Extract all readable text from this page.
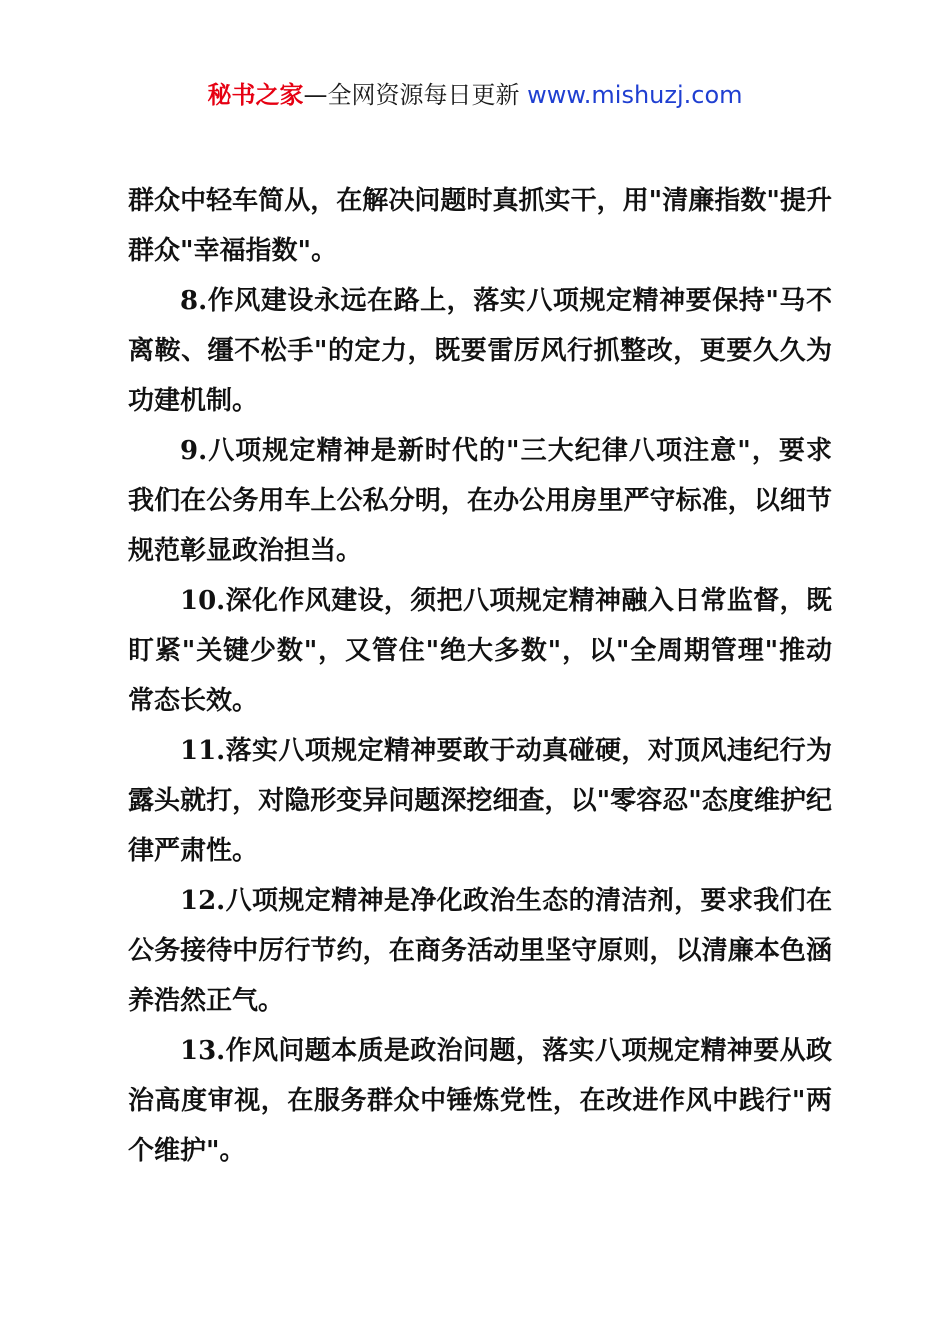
秘书之家—全网资源每日更新 www.mishuzj.com

群众中轻车简从，在解决问题时真抓实干，用"清廉指数"提升群众"幸福指数"。

8.作风建设永远在路上，落实八项规定精神要保持"马不离鞍、缰不松手"的定力，既要雷厉风行抓整改，更要久久为功建机制。

9.八项规定精神是新时代的"三大纪律八项注意"，要求我们在公务用车上公私分明，在办公用房里严守标准，以细节规范彰显政治担当。

10.深化作风建设，须把八项规定精神融入日常监督，既盯紧"关键少数"，又管住"绝大多数"，以"全周期管理"推动常态长效。

11.落实八项规定精神要敢于动真碰硬，对顶风违纪行为露头就打，对隐形变异问题深挖细查，以"零容忍"态度维护纪律严肃性。

12.八项规定精神是净化政治生态的清洁剂，要求我们在公务接待中厉行节约，在商务活动里坚守原则，以清廉本色涵养浩然正气。

13.作风问题本质是政治问题，落实八项规定精神要从政治高度审视，在服务群众中锤炼党性，在改进作风中践行"两个维护"。
